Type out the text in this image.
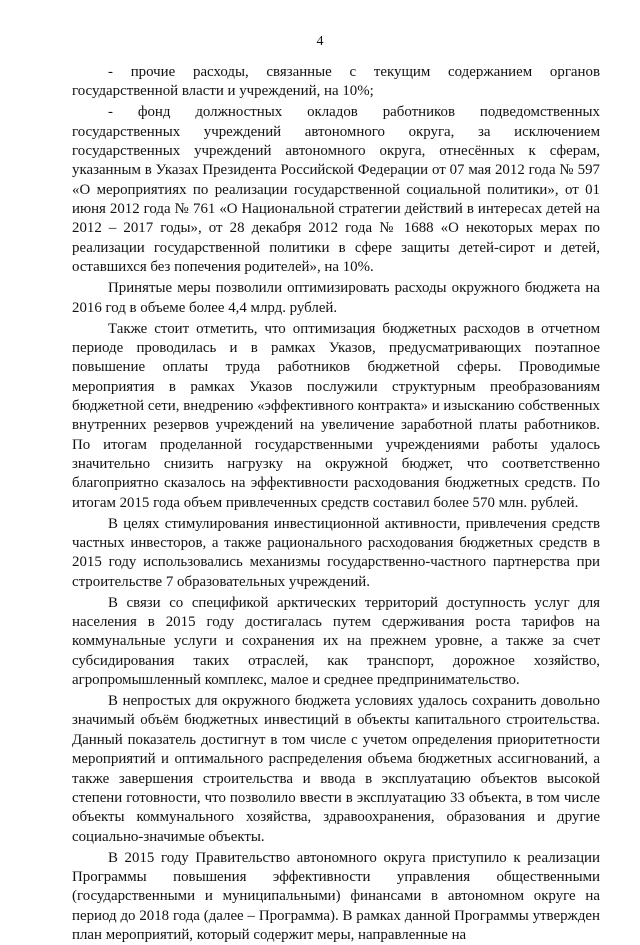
4

- прочие расходы, связанные с текущим содержанием органов государственной власти и учреждений, на 10%;

- фонд должностных окладов работников подведомственных государственных учреждений автономного округа, за исключением государственных учреждений автономного округа, отнесённых к сферам, указанным в Указах Президента Российской Федерации от 07 мая 2012 года № 597 «О мероприятиях по реализации государственной социальной политики», от 01 июня 2012 года № 761 «О Национальной стратегии действий в интересах детей на 2012 – 2017 годы», от 28 декабря 2012 года № 1688 «О некоторых мерах по реализации государственной политики в сфере защиты детей-сирот и детей, оставшихся без попечения родителей», на 10%.

Принятые меры позволили оптимизировать расходы окружного бюджета на 2016 год в объеме более 4,4 млрд. рублей.

Также стоит отметить, что оптимизация бюджетных расходов в отчетном периоде проводилась и в рамках Указов, предусматривающих поэтапное повышение оплаты труда работников бюджетной сферы. Проводимые мероприятия в рамках Указов послужили структурным преобразованиям бюджетной сети, внедрению «эффективного контракта» и изысканию собственных внутренних резервов учреждений на увеличение заработной платы работников. По итогам проделанной государственными учреждениями работы удалось значительно снизить нагрузку на окружной бюджет, что соответственно благоприятно сказалось на эффективности расходования бюджетных средств. По итогам 2015 года объем привлеченных средств составил более 570 млн. рублей.

В целях стимулирования инвестиционной активности, привлечения средств частных инвесторов, а также рационального расходования бюджетных средств в 2015 году использовались механизмы государственно-частного партнерства при строительстве 7 образовательных учреждений.

В связи со спецификой арктических территорий доступность услуг для населения в 2015 году достигалась путем сдерживания роста тарифов на коммунальные услуги и сохранения их на прежнем уровне, а также за счет субсидирования таких отраслей, как транспорт, дорожное хозяйство, агропромышленный комплекс, малое и среднее предпринимательство.

В непростых для окружного бюджета условиях удалось сохранить довольно значимый объём бюджетных инвестиций в объекты капитального строительства. Данный показатель достигнут в том числе с учетом определения приоритетности мероприятий и оптимального распределения объема бюджетных ассигнований, а также завершения строительства и ввода в эксплуатацию объектов высокой степени готовности, что позволило ввести в эксплуатацию 33 объекта, в том числе объекты коммунального хозяйства, здравоохранения, образования и другие социально-значимые объекты.

В 2015 году Правительство автономного округа приступило к реализации Программы повышения эффективности управления общественными (государственными и муниципальными) финансами в автономном округе на период до 2018 года (далее – Программа). В рамках данной Программы утвержден план мероприятий, который содержит меры, направленные на
